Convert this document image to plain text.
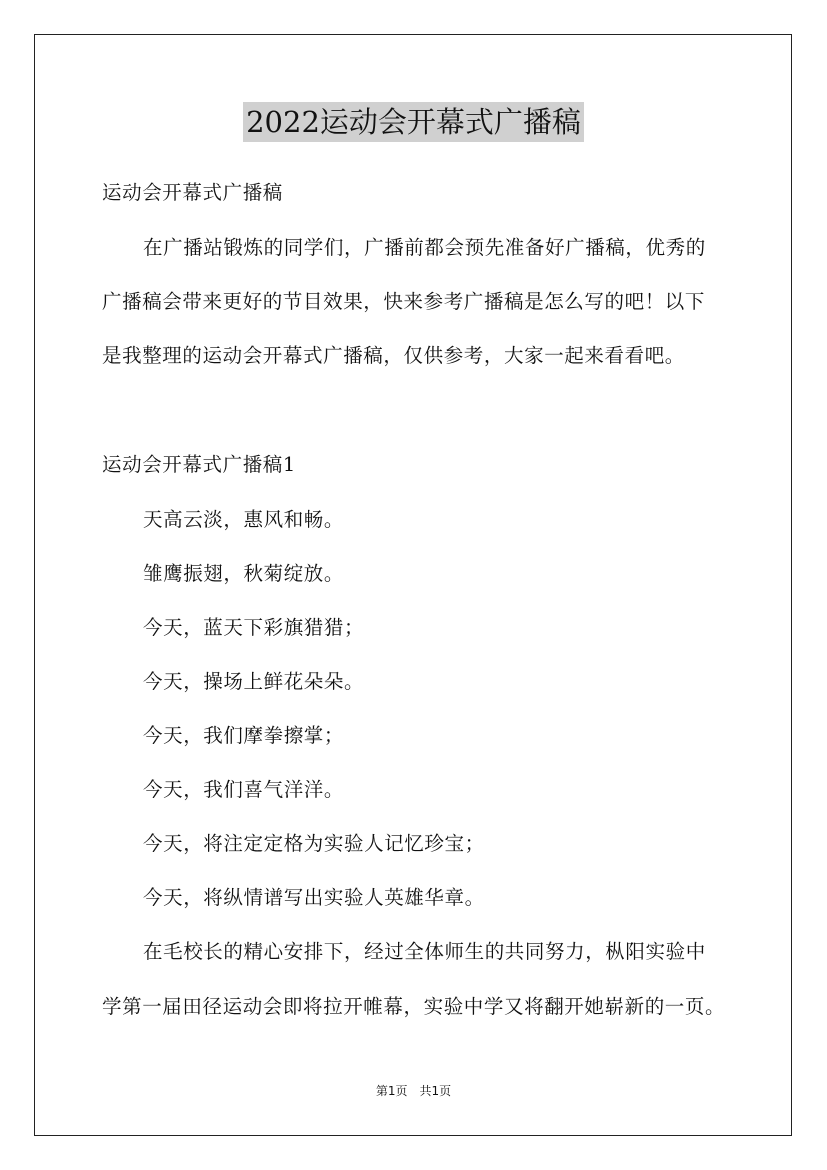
2022运动会开幕式广播稿
运动会开幕式广播稿
在广播站锻炼的同学们，广播前都会预先准备好广播稿，优秀的
广播稿会带来更好的节目效果，快来参考广播稿是怎么写的吧！以下
是我整理的运动会开幕式广播稿，仅供参考，大家一起来看看吧。
运动会开幕式广播稿1
天高云淡，惠风和畅。
雏鹰振翅，秋菊绽放。
今天，蓝天下彩旗猎猎；
今天，操场上鲜花朵朵。
今天，我们摩拳擦掌；
今天，我们喜气洋洋。
今天，将注定定格为实验人记忆珍宝；
今天，将纵情谱写出实验人英雄华章。
在毛校长的精心安排下，经过全体师生的共同努力，枞阳实验中
学第一届田径运动会即将拉开帷幕，实验中学又将翻开她崭新的一页。
第1页 共1页
